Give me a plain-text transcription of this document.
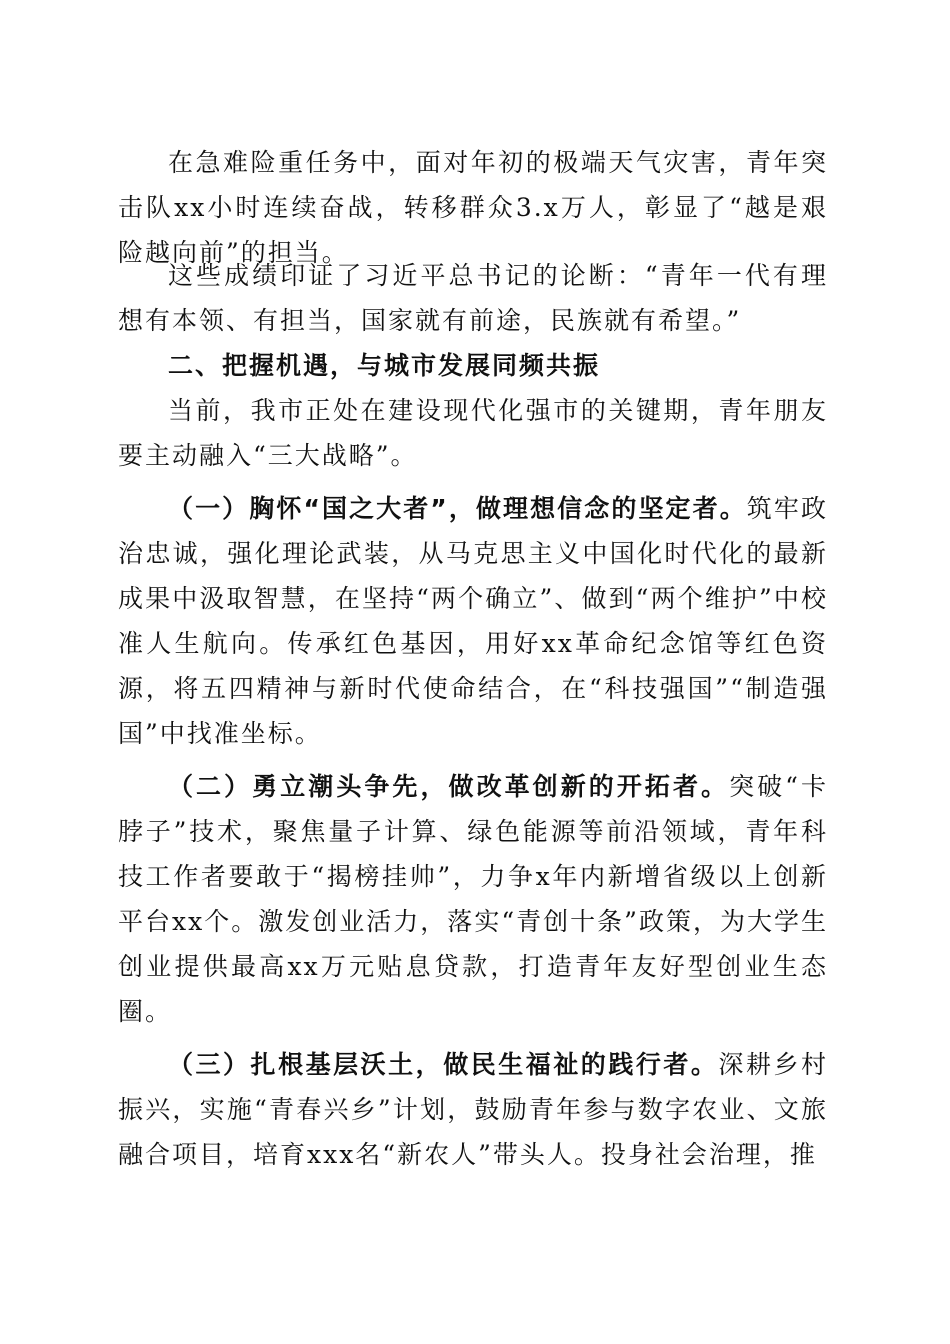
在急难险重任务中，面对年初的极端天气灾害，青年突击队xx小时连续奋战，转移群众3.x万人，彰显了“越是艰险越向前”的担当。

这些成绩印证了习近平总书记的论断：“青年一代有理想有本领、有担当，国家就有前途，民族就有希望。”

二、把握机遇，与城市发展同频共振

当前，我市正处在建设现代化强市的关键期，青年朋友要主动融入“三大战略”。

（一）胸怀“国之大者”，做理想信念的坚定者。筑牢政治忠诚，强化理论武装，从马克思主义中国化时代化的最新成果中汲取智慧，在坚持“两个确立”、做到“两个维护”中校准人生航向。传承红色基因，用好xx革命纪念馆等红色资源，将五四精神与新时代使命结合，在“科技强国”“制造强国”中找准坐标。

（二）勇立潮头争先，做改革创新的开拓者。突破“卡脖子”技术，聚焦量子计算、绿色能源等前沿领域，青年科技工作者要敢于“揭榜挂帅”，力争x年内新增省级以上创新平台xx个。激发创业活力，落实“青创十条”政策，为大学生创业提供最高xx万元贴息贷款，打造青年友好型创业生态圈。

（三）扎根基层沃土，做民生福祉的践行者。深耕乡村振兴，实施“青春兴乡”计划，鼓励青年参与数字农业、文旅融合项目，培育xxx名“新农人”带头人。投身社会治理，推
